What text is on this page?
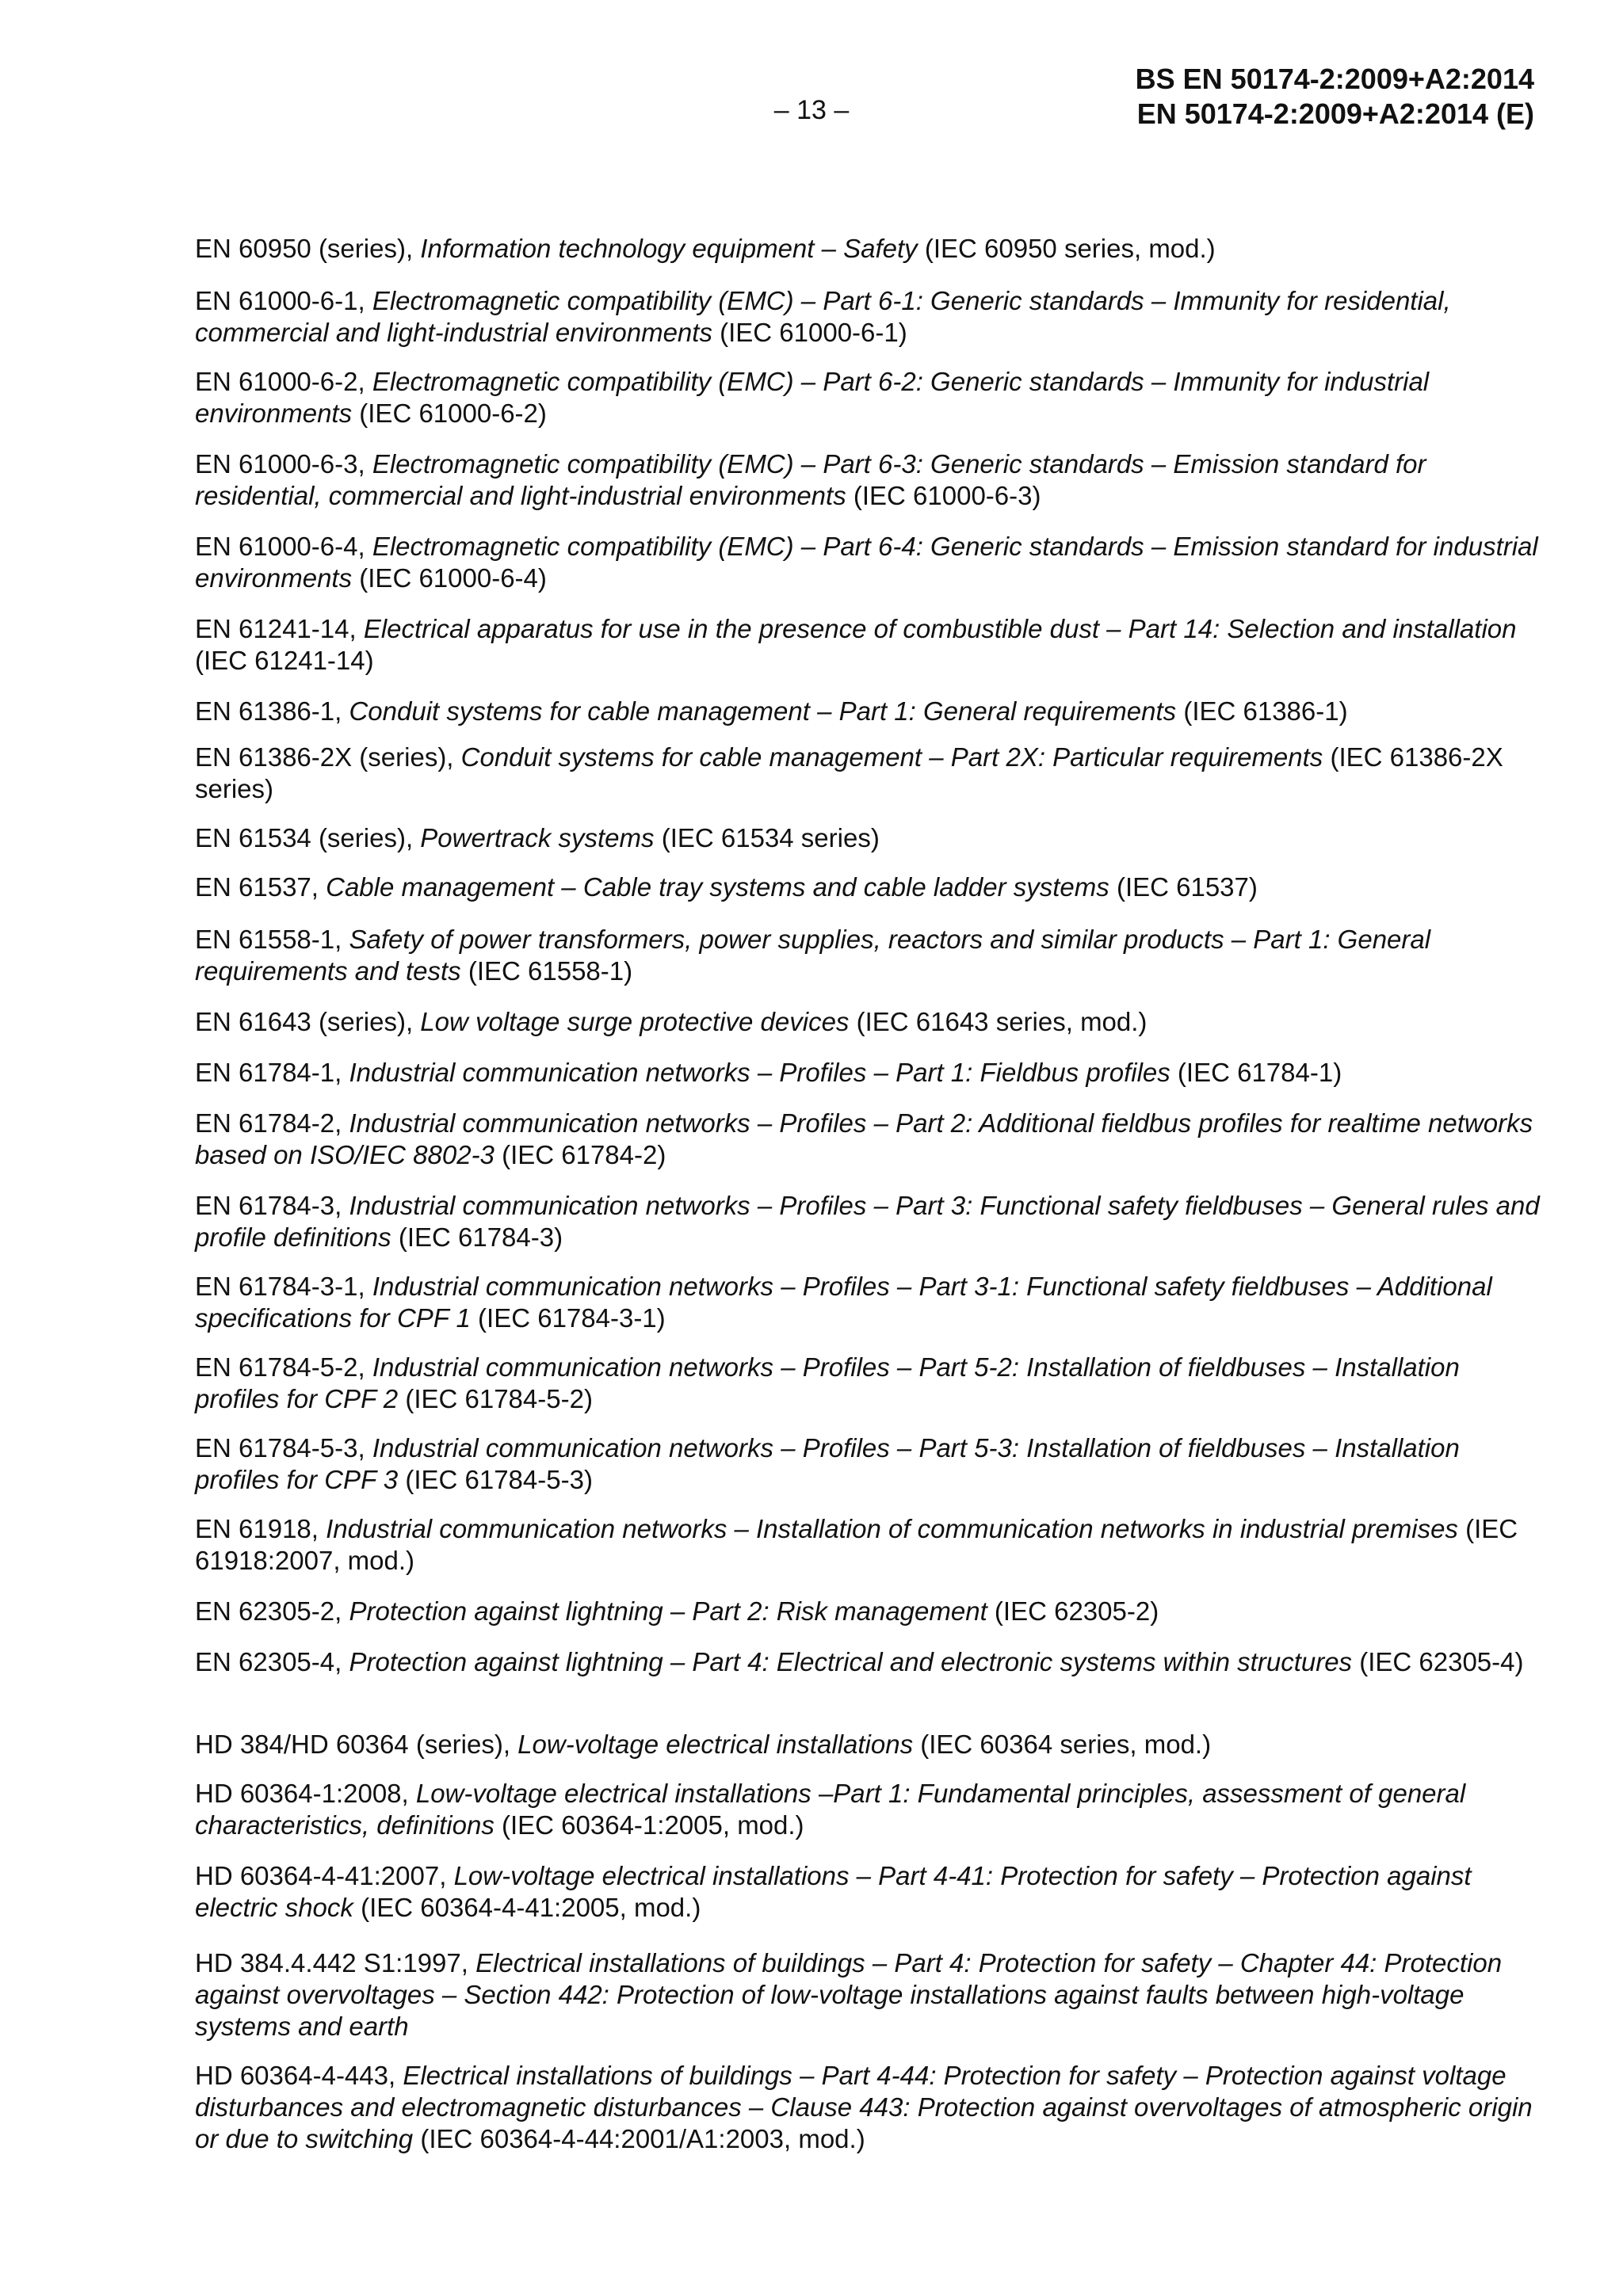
– 13 –
BS EN 50174-2:2009+A2:2014
EN 50174-2:2009+A2:2014 (E)

EN 60950 (series), Information technology equipment – Safety (IEC 60950 series, mod.)

EN 61000-6-1, Electromagnetic compatibility (EMC) – Part 6-1: Generic standards – Immunity for residential, commercial and light-industrial environments (IEC 61000-6-1)

EN 61000-6-2, Electromagnetic compatibility (EMC) – Part 6-2: Generic standards – Immunity for industrial environments (IEC 61000-6-2)

EN 61000-6-3, Electromagnetic compatibility (EMC) – Part 6-3: Generic standards – Emission standard for residential, commercial and light-industrial environments (IEC 61000-6-3)

EN 61000-6-4, Electromagnetic compatibility (EMC) – Part 6-4: Generic standards – Emission standard for industrial environments (IEC 61000-6-4)

EN 61241-14, Electrical apparatus for use in the presence of combustible dust – Part 14: Selection and installation (IEC 61241-14)

EN 61386-1, Conduit systems for cable management – Part 1: General requirements (IEC 61386-1)

EN 61386-2X (series), Conduit systems for cable management – Part 2X: Particular requirements (IEC 61386-2X series)

EN 61534 (series), Powertrack systems (IEC 61534 series)

EN 61537, Cable management – Cable tray systems and cable ladder systems (IEC 61537)

EN 61558-1, Safety of power transformers, power supplies, reactors and similar products – Part 1: General requirements and tests (IEC 61558-1)

EN 61643 (series), Low voltage surge protective devices (IEC 61643 series, mod.)

EN 61784-1, Industrial communication networks – Profiles – Part 1: Fieldbus profiles (IEC 61784-1)

EN 61784-2, Industrial communication networks – Profiles – Part 2: Additional fieldbus profiles for realtime networks based on ISO/IEC 8802-3 (IEC 61784-2)

EN 61784-3, Industrial communication networks – Profiles – Part 3: Functional safety fieldbuses – General rules and profile definitions (IEC 61784-3)

EN 61784-3-1, Industrial communication networks – Profiles – Part 3-1: Functional safety fieldbuses – Additional specifications for CPF 1 (IEC 61784-3-1)

EN 61784-5-2, Industrial communication networks – Profiles – Part 5-2: Installation of fieldbuses – Installation profiles for CPF 2 (IEC 61784-5-2)

EN 61784-5-3, Industrial communication networks – Profiles – Part 5-3: Installation of fieldbuses – Installation profiles for CPF 3 (IEC 61784-5-3)

EN 61918, Industrial communication networks – Installation of communication networks in industrial premises (IEC 61918:2007, mod.)

EN 62305-2, Protection against lightning – Part 2: Risk management (IEC 62305-2)

EN 62305-4, Protection against lightning – Part 4: Electrical and electronic systems within structures (IEC 62305-4)

HD 384/HD 60364 (series), Low-voltage electrical installations (IEC 60364 series, mod.)

HD 60364-1:2008, Low-voltage electrical installations –Part 1: Fundamental principles, assessment of general characteristics, definitions (IEC 60364-1:2005, mod.)

HD 60364-4-41:2007, Low-voltage electrical installations – Part 4-41: Protection for safety – Protection against electric shock (IEC 60364-4-41:2005, mod.)

HD 384.4.442 S1:1997, Electrical installations of buildings – Part 4: Protection for safety – Chapter 44: Protection against overvoltages – Section 442: Protection of low-voltage installations against faults between high-voltage systems and earth

HD 60364-4-443, Electrical installations of buildings – Part 4-44: Protection for safety – Protection against voltage disturbances and electromagnetic disturbances – Clause 443: Protection against overvoltages of atmospheric origin or due to switching (IEC 60364-4-44:2001/A1:2003, mod.)
